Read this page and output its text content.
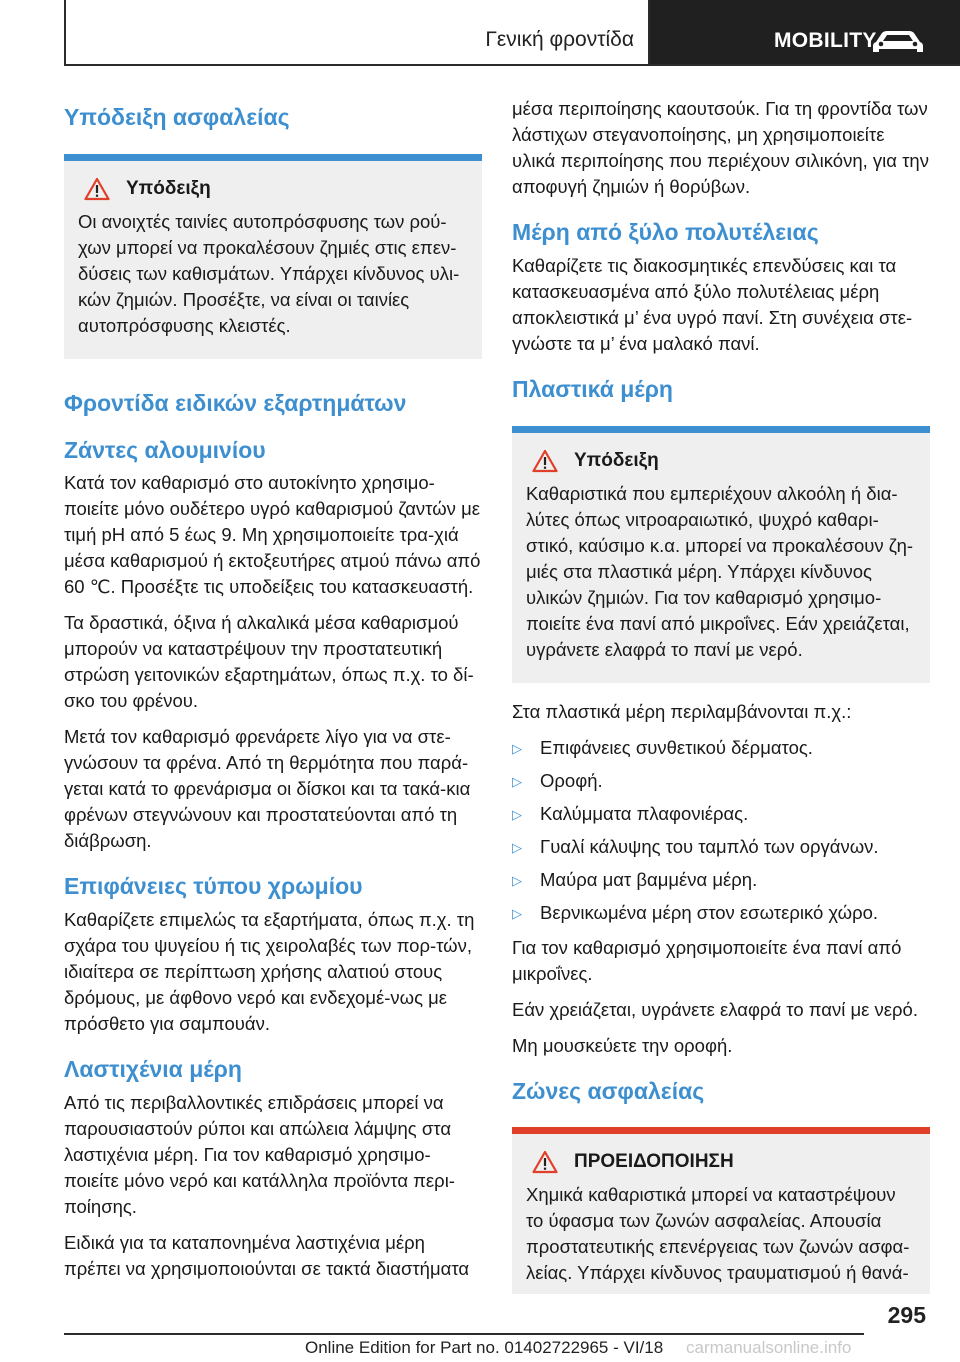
Γενική φροντίδα	MOBILITY
Υπόδειξη ασφαλείας
Υπόδειξη

Οι ανοιχτές ταινίες αυτοπρόσφυσης των ρού‐χων μπορεί να προκαλέσουν ζημιές στις επεν‐δύσεις των καθισμάτων. Υπάρχει κίνδυνος υλι‐κών ζημιών. Προσέξτε, να είναι οι ταινίες αυτοπρόσφυσης κλειστές.

Φροντίδα ειδικών εξαρτημάτων
Ζάντες αλουμινίου

Κατά τον καθαρισμό στο αυτοκίνητο χρησιμο‐ποιείτε μόνο ουδέτερο υγρό καθαρισμού ζαντών με τιμή pH από 5 έως 9. Μη χρησιμοποιείτε τρα‐χιά μέσα καθαρισμού ή εκτοξευτήρες ατμού πάνω από 60 ℃. Προσέξτε τις υποδείξεις του κατασκευαστή.

Τα δραστικά, όξινα ή αλκαλικά μέσα καθαρισμού μπορούν να καταστρέψουν την προστατευτική στρώση γειτονικών εξαρτημάτων, όπως π.χ. το δί‐σκο του φρένου.

Μετά τον καθαρισμό φρενάρετε λίγο για να στε‐γνώσουν τα φρένα. Από τη θερμότητα που παρά‐γεται κατά το φρενάρισμα οι δίσκοι και τα τακά‐κια φρένων στεγνώνουν και προστατεύονται από τη διάβρωση.

Επιφάνειες τύπου χρωμίου

Καθαρίζετε επιμελώς τα εξαρτήματα, όπως π.χ. τη σχάρα του ψυγείου ή τις χειρολαβές των πορ‐τών, ιδιαίτερα σε περίπτωση χρήσης αλατιού στους δρόμους, με άφθονο νερό και ενδεχομέ‐νως με πρόσθετο για σαμπουάν.

Λαστιχένια μέρη

Από τις περιβαλλοντικές επιδράσεις μπορεί να παρουσιαστούν ρύποι και απώλεια λάμψης στα λαστιχένια μέρη. Για τον καθαρισμό χρησιμο‐ποιείτε μόνο νερό και κατάλληλα προϊόντα περι‐ποίησης.

Ειδικά για τα καταπονημένα λαστιχένια μέρη πρέπει να χρησιμοποιούνται σε τακτά διαστήματα

μέσα περιποίησης καουτσούκ. Για τη φροντίδα των λάστιχων στεγανοποίησης, μη χρησιμοποιείτε υλικά περιποίησης που περιέχουν σιλικόνη, για την αποφυγή ζημιών ή θορύβων.

Μέρη από ξύλο πολυτέλειας

Καθαρίζετε τις διακοσμητικές επενδύσεις και τα κατασκευασμένα από ξύλο πολυτέλειας μέρη αποκλειστικά μ’ ένα υγρό πανί. Στη συνέχεια στε‐γνώστε τα μ’ ένα μαλακό πανί.

Πλαστικά μέρη
Υπόδειξη

Καθαριστικά που εμπεριέχουν αλκοόλη ή δια‐λύτες όπως νιτροαραιωτικό, ψυχρό καθαρι‐στικό, καύσιμο κ.α. μπορεί να προκαλέσουν ζη‐μιές στα πλαστικά μέρη. Υπάρχει κίνδυνος υλικών ζημιών. Για τον καθαρισμό χρησιμο‐ποιείτε ένα πανί από μικροΐνες. Εάν χρειάζεται, υγράνετε ελαφρά το πανί με νερό.

Στα πλαστικά μέρη περιλαμβάνονται π.χ.:

▷ Επιφάνειες συνθετικού δέρματος.
▷ Οροφή.
▷ Καλύμματα πλαφονιέρας.
▷ Γυαλί κάλυψης του ταμπλό των οργάνων.
▷ Μαύρα ματ βαμμένα μέρη.
▷ Βερνικωμένα μέρη στον εσωτερικό χώρο.

Για τον καθαρισμό χρησιμοποιείτε ένα πανί από μικροΐνες.

Εάν χρειάζεται, υγράνετε ελαφρά το πανί με νερό.

Μη μουσκεύετε την οροφή.

Ζώνες ασφαλείας
ΠΡΟΕΙΔΟΠΟΙΗΣΗ

Χημικά καθαριστικά μπορεί να καταστρέψουν το ύφασμα των ζωνών ασφαλείας. Απουσία προστατευτικής επενέργειας των ζωνών ασφα‐λείας. Υπάρχει κίνδυνος τραυματισμού ή θανά‐

295
Online Edition for Part no. 01402722965 - VI/18 carmanualsonline.info
